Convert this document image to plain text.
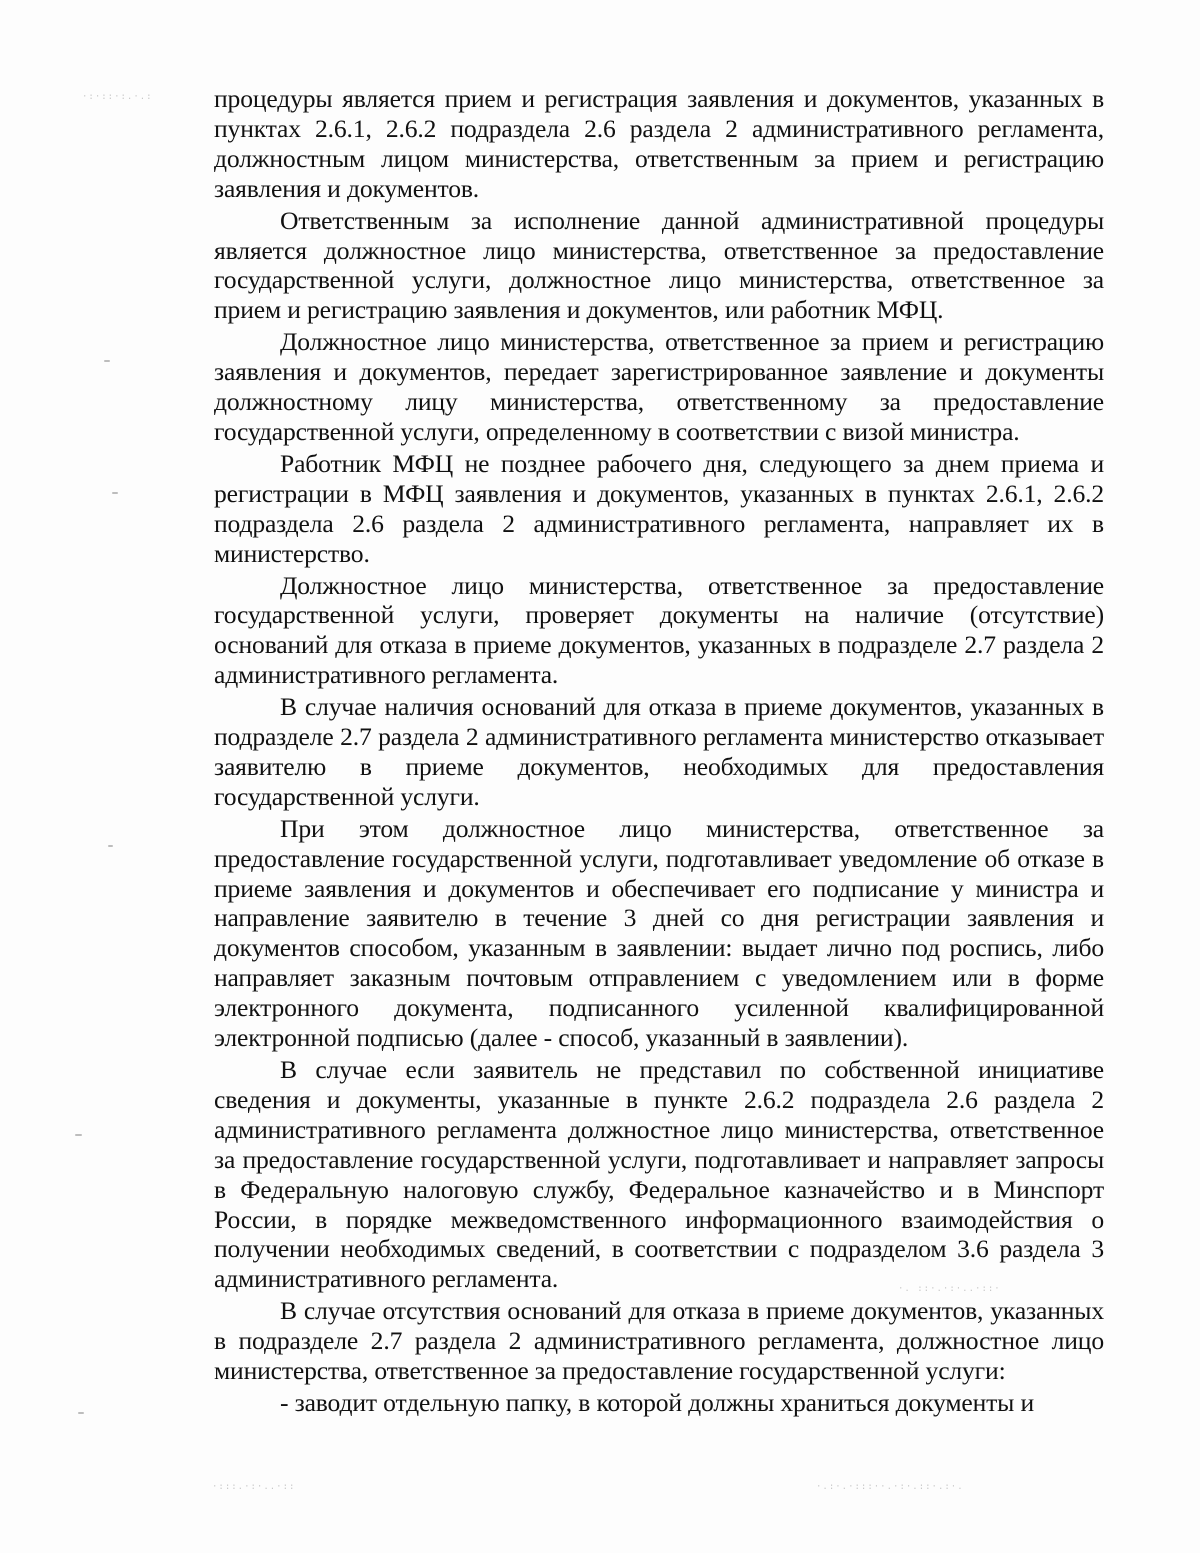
·:·::·:.·.:
·:::.·:·..·::	·.:·.·:::··.·:·.::·.:·.
·. ::·.·:·..·::·

процедуры является прием и регистрация заявления и документов, указанных в пунктах 2.6.1, 2.6.2 подраздела 2.6 раздела 2 административного регламента, должностным лицом министерства, ответственным за прием и регистрацию заявления и документов.

Ответственным за исполнение данной административной процедуры является должностное лицо министерства, ответственное за предоставление государственной услуги, должностное лицо министерства, ответственное за прием и регистрацию заявления и документов, или работник МФЦ.

Должностное лицо министерства, ответственное за прием и регистрацию заявления и документов, передает зарегистрированное заявление и документы должностному лицу министерства, ответственному за предоставление государственной услуги, определенному в соответствии с визой министра.

Работник МФЦ не позднее рабочего дня, следующего за днем приема и регистрации в МФЦ заявления и документов, указанных в пунктах 2.6.1, 2.6.2 подраздела 2.6 раздела 2 административного регламента, направляет их в министерство.

Должностное лицо министерства, ответственное за предоставление государственной услуги, проверяет документы на наличие (отсутствие) оснований для отказа в приеме документов, указанных в подразделе 2.7 раздела 2 административного регламента.

В случае наличия оснований для отказа в приеме документов, указанных в подразделе 2.7 раздела 2 административного регламента министерство отказывает заявителю в приеме документов, необходимых для предоставления государственной услуги.

При этом должностное лицо министерства, ответственное за предоставление государственной услуги, подготавливает уведомление об отказе в приеме заявления и документов и обеспечивает его подписание у министра и направление заявителю в течение 3 дней со дня регистрации заявления и документов способом, указанным в заявлении: выдает лично под роспись, либо направляет заказным почтовым отправлением с уведомлением или в форме электронного документа, подписанного усиленной квалифицированной электронной подписью (далее - способ, указанный в заявлении).

В случае если заявитель не представил по собственной инициативе сведения и документы, указанные в пункте 2.6.2 подраздела 2.6 раздела 2 административного регламента должностное лицо министерства, ответственное за предоставление государственной услуги, подготавливает и направляет запросы в Федеральную налоговую службу, Федеральное казначейство и в Минспорт России, в порядке межведомственного информационного взаимодействия о получении необходимых сведений, в соответствии с подразделом 3.6 раздела 3 административного регламента.

В случае отсутствия оснований для отказа в приеме документов, указанных в подразделе 2.7 раздела 2 административного регламента, должностное лицо министерства, ответственное за предоставление государственной услуги:

- заводит отдельную папку, в которой должны храниться документы и
